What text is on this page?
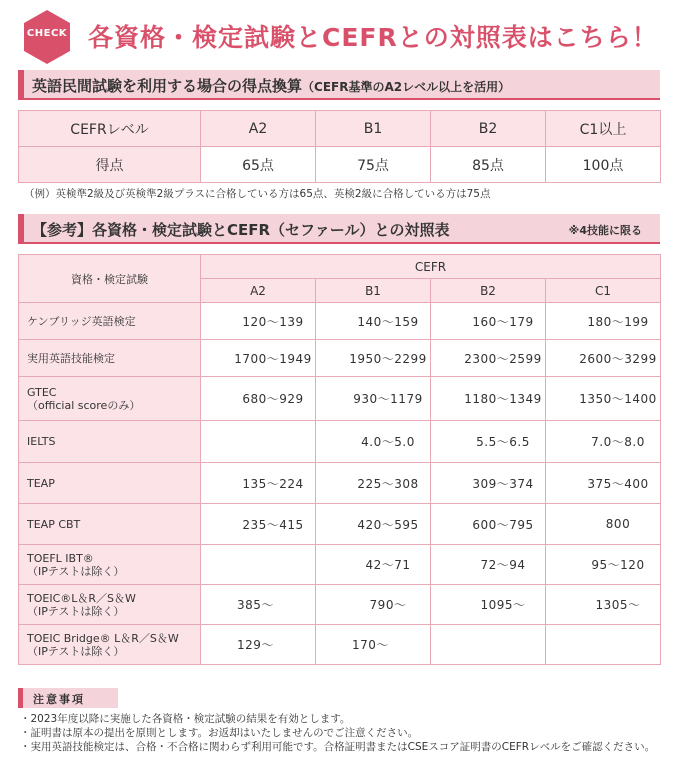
CHECK 各資格・検定試験とCEFRとの対照表はこちら！
英語民間試験を利用する場合の得点換算（CEFR基準のA2レベル以上を活用）
CEFRレベル	A2	B1	B2	C1以上
得点	65点	75点	85点	100点
（例）英検準2級及び英検準2級プラスに合格している方は65点、英検2級に合格している方は75点
【参考】各資格・検定試験とCEFR（セファール）との対照表	※4技能に限る
資格・検定試験	CEFR			
	A2	B1	B2	C1
ケンブリッジ英語検定	120〜139	140〜159	160〜179	180〜199
実用英語技能検定	1700〜1949	1950〜2299	2300〜2599	2600〜3299
GTEC
（official scoreのみ）	680〜929	930〜1179	1180〜1349	1350〜1400
IELTS		4.0〜5.0	5.5〜6.5	7.0〜8.0
TEAP	135〜224	225〜308	309〜374	375〜400
TEAP CBT	235〜415	420〜595	600〜795	800
TOEFL IBT®
（IPテストは除く）		42〜71	72〜94	95〜120
TOEIC®L＆R／S＆W
（IPテストは除く）	385〜	790〜	1095〜	1305〜
TOEIC Bridge® L＆R／S＆W
（IPテストは除く）	129〜	170〜		
注意事項
・2023年度以降に実施した各資格・検定試験の結果を有効とします。
・証明書は原本の提出を原則とします。お返却はいたしませんのでご注意ください。
・実用英語技能検定は、合格・不合格に関わらず利用可能です。合格証明書またはCSEスコア証明書のCEFRレベルをご確認ください。
